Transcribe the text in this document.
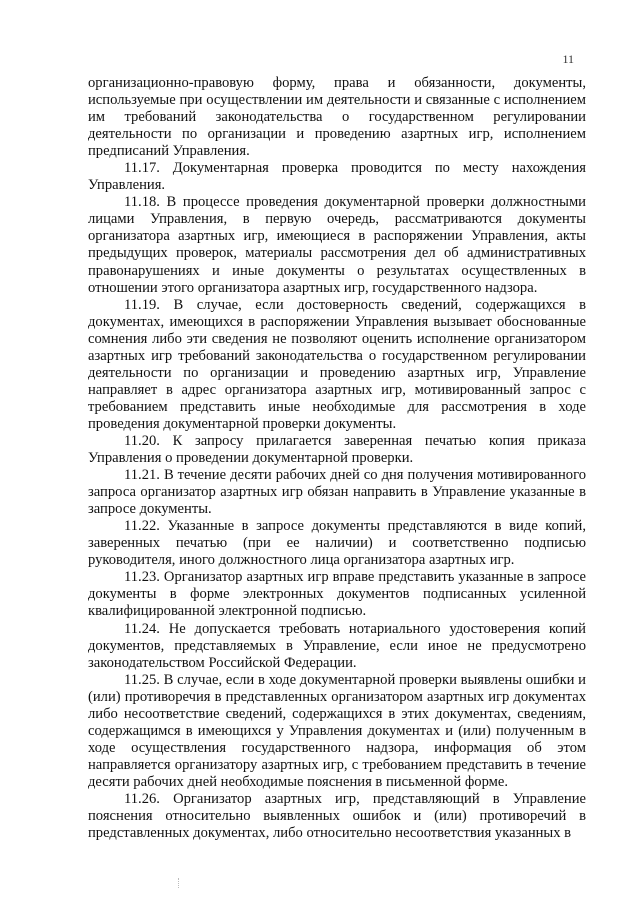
11

организационно-правовую форму, права и обязанности, документы, используемые при осуществлении им деятельности и связанные с исполнением им требований законодательства о государственном регулировании деятельности по организации и проведению азартных игр, исполнением предписаний Управления.

11.17. Документарная проверка проводится по месту нахождения Управления.

11.18. В процессе проведения документарной проверки должностными лицами Управления, в первую очередь, рассматриваются документы организатора азартных игр, имеющиеся в распоряжении Управления, акты предыдущих проверок, материалы рассмотрения дел об административных правонарушениях и иные документы о результатах осуществленных в отношении этого организатора азартных игр, государственного надзора.

11.19. В случае, если достоверность сведений, содержащихся в документах, имеющихся в распоряжении Управления вызывает обоснованные сомнения либо эти сведения не позволяют оценить исполнение организатором азартных игр требований законодательства о государственном регулировании деятельности по организации и проведению азартных игр, Управление направляет в адрес организатора азартных игр, мотивированный запрос с требованием представить иные необходимые для рассмотрения в ходе проведения документарной проверки документы.

11.20. К запросу прилагается заверенная печатью копия приказа Управления о проведении документарной проверки.

11.21. В течение десяти рабочих дней со дня получения мотивированного запроса организатор азартных игр обязан направить в Управление указанные в запросе документы.

11.22. Указанные в запросе документы представляются в виде копий, заверенных печатью (при ее наличии) и соответственно подписью руководителя, иного должностного лица организатора азартных игр.

11.23. Организатор азартных игр вправе представить указанные в запросе документы в форме электронных документов подписанных усиленной квалифицированной электронной подписью.

11.24. Не допускается требовать нотариального удостоверения копий документов, представляемых в Управление, если иное не предусмотрено законодательством Российской Федерации.

11.25. В случае, если в ходе документарной проверки выявлены ошибки и (или) противоречия в представленных организатором азартных игр документах либо несоответствие сведений, содержащихся в этих документах, сведениям, содержащимся в имеющихся у Управления документах и (или) полученным в ходе осуществления государственного надзора, информация об этом направляется организатору азартных игр, с требованием представить в течение десяти рабочих дней необходимые пояснения в письменной форме.

11.26. Организатор азартных игр, представляющий в Управление пояснения относительно выявленных ошибок и (или) противоречий в представленных документах, либо относительно несоответствия указанных в
